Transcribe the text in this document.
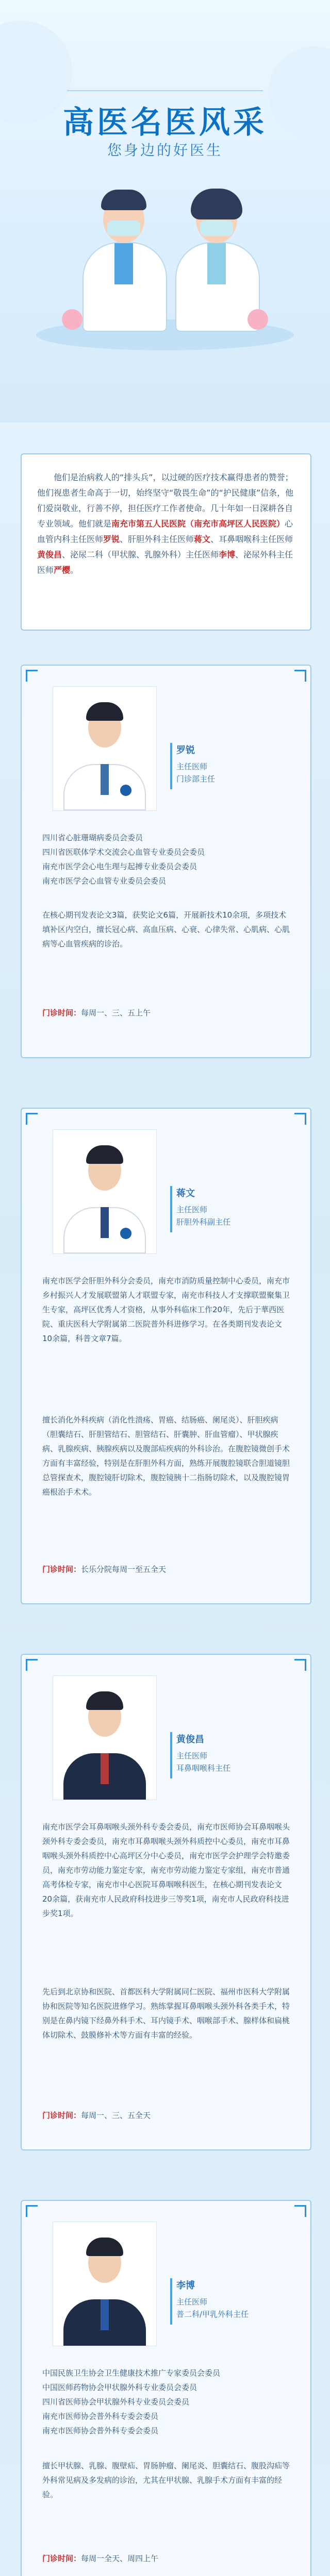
高医名医风采
您身边的好医生

他们是治病救人的“排头兵”，以过硬的医疗技术赢得患者的赞誉；他们视患者生命高于一切，始终坚守“敬畏生命”的“护民健康”信条，他们爱岗敬业，行善不停，担任医疗工作者使命。几十年如一日深耕各自专业领域。他们就是南充市第五人民医院（南充市高坪区人民医院）心血管内科主任医师罗锐、肝胆外科主任医师蒋文、耳鼻咽喉科主任医师黄俊昌、泌尿二科（甲状腺、乳腺外科）主任医师李博、泌尿外科主任医师严樱。

罗锐
主任医师
门诊部主任
四川省心脏珊瑚病委员会委员
四川省医联体学术交流会心血管专业委员会委员
南充市医学会心电生理与起搏专业委员会委员
南充市医学会心血管专业委员会委员

在核心期刊发表论文3篇，获奖论文6篇，开展新技术10余项，多项技术填补区内空白，擅长冠心病、高血压病、心衰、心律失常、心肌病、心肌病等心血管疾病的诊治。

门诊时间：每周一、三、五上午
蒋文
主任医师
肝胆外科副主任

南充市医学会肝胆外科分会委员，南充市消防质量控制中心委员，南充市乡村振兴人才发展联盟第人才联盟专家，南充市科技人才支撑联盟聚集卫生专家，高坪区优秀人才资格，从事外科临床工作20年，先后于華西医院、重庆医科大学附属第二医院普外科进修学习。在各类期刊发表论文10余篇，科普文章7篇。

擅长消化外科疾病（消化性溃疡、胃癌、结肠癌、阑尾炎）、肝胆疾病（胆囊结石、肝胆管结石、胆管结石、肝囊肿、肝血管瘤）、甲状腺疾病、乳腺疾病、胰腺疾病以及腹部疝疾病的外科诊治。在腹腔镜微创手术方面有丰富经验，特别是在肝胆外科方面，熟练开展腹腔镜联合胆道镜胆总管探查术，腹腔镜肝切除术，腹腔镜胰十二指肠切除术，以及腹腔镜胃癌根治手术术。

门诊时间：长乐分院每周一至五全天
黄俊昌
主任医师
耳鼻咽喉科主任

南充市医学会耳鼻咽喉头颈外科专委会委员，南充市医师协会耳鼻咽喉头颈外科专委会委员，南充市耳鼻咽喉头颈外科质控中心委员，南充市耳鼻咽喉头颈外科质控中心高坪区分中心委员，南充市医学会护理学会特邀委员，南充市劳动能力鉴定专家，南充市劳动能力鉴定专家组，南充市普通高考体检专家，南充市中心医院耳鼻咽喉科医生，在核心期刊发表论文20余篇，获南充市人民政府科技进步三等奖1项，南充市人民政府科技进步奖1项。

先后到北京协和医院、首都医科大学附属同仁医院、福州市医科大学附属协和医院等知名医院进修学习。熟练掌握耳鼻咽喉头颈外科各类手术，特别是在鼻内镜下经鼻外科手术、耳内镜手术、咽喉部手术、腺样体和扁桃体切除术、鼓膜修补术等方面有丰富的经验。

门诊时间：每周一、三、五全天
李博
主任医师
普二科/甲乳外科主任
中国民族卫生协会卫生健康技术推广专家委员会委员
中国医师药物协会甲状腺外科专业委员会委员
四川省医师协会甲状腺外科专业委员会委员
南充市医师协会普外科专委会委员
南充市医师协会普外科专委会委员

擅长甲状腺、乳腺、腹壁疝、胃肠肿瘤、阑尾炎、胆囊结石、腹股沟疝等外科常见病及多发病的诊治，尤其在甲状腺、乳腺手术方面有丰富的经验。

门诊时间：每周一全天、周四上午
